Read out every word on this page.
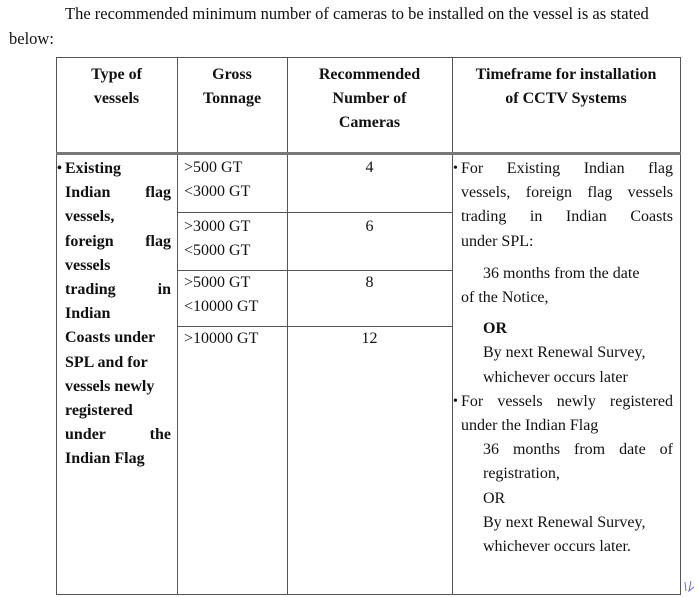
The recommended minimum number of cameras to be installed on the vessel is as stated
below:
Type of
vessels
Gross
Tonnage
Recommended
Number of
Cameras
Timeframe for installation
of CCTV Systems
• Existing
Indian flag
vessels,
foreign flag
vessels
trading	in
Indian
Coasts under
SPL and for
vessels newly
registered
under	the
Indian Flag
>500 GT
<3000 GT
>3000 GT
<5000 GT
>5000 GT
<10000 GT
>10000 GT
4
6
8
12
• For Existing Indian flag
vessels, foreign flag vessels
trading in Indian Coasts
under SPL:
36 months from the date
of the Notice,
OR
By next Renewal Survey,
whichever occurs later
• For vessels newly registered
under the Indian Flag
36 months from date of
registration,
OR
By next Renewal Survey,
whichever occurs later.
